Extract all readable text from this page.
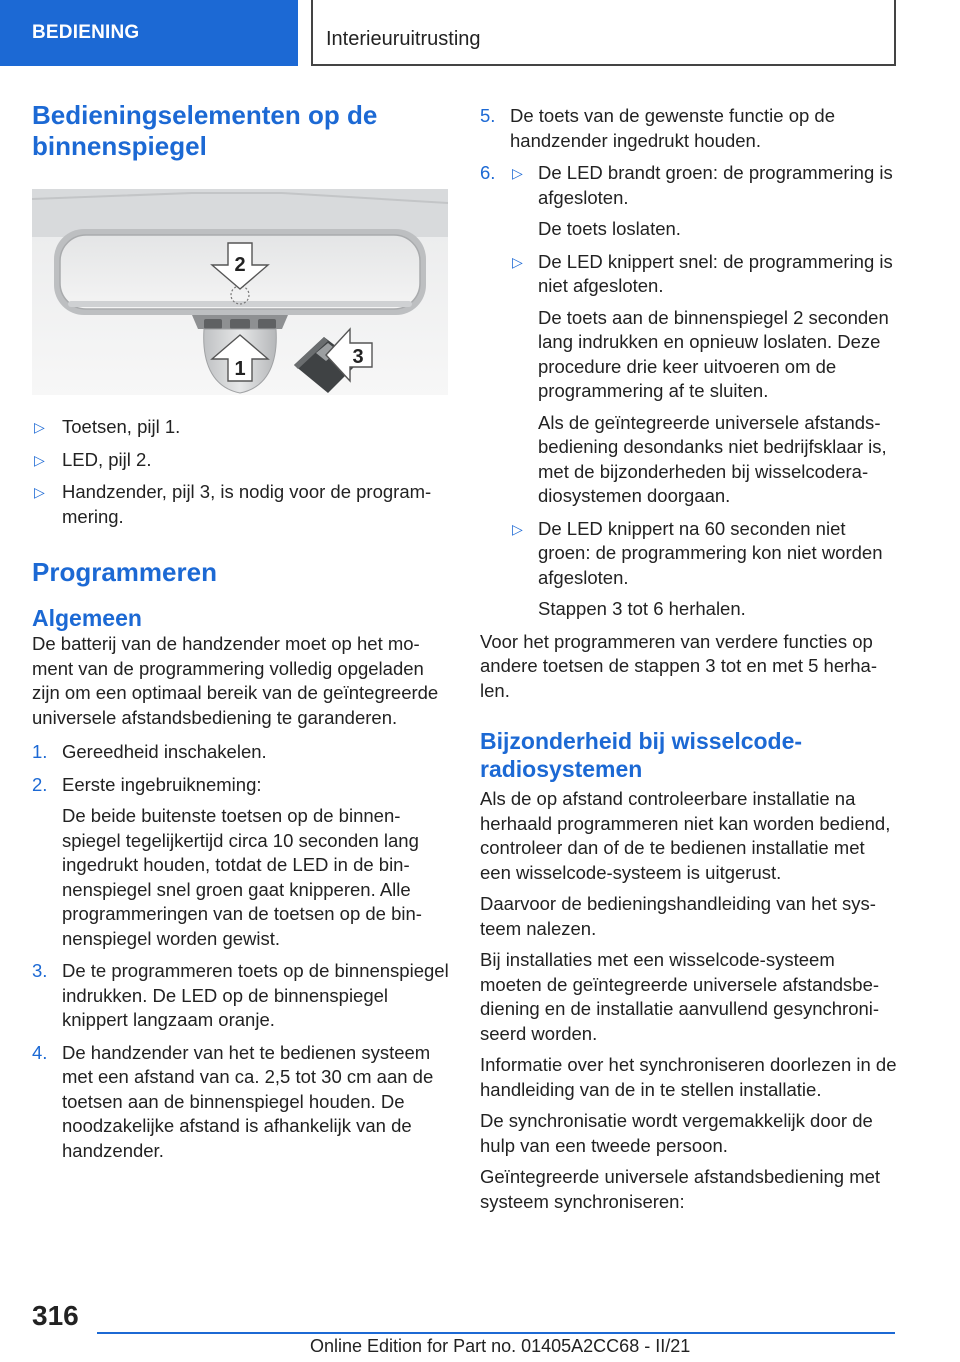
BEDIENING	Interieuruitrusting
Bedieningselementen op de binnenspiegel
2
1
3
▷ Toetsen, pijl 1.
▷ LED, pijl 2.
▷ Handzender, pijl 3, is nodig voor de programmering.
Programmeren
Algemeen

De batterij van de handzender moet op het moment van de programmering volledig opgeladen zijn om een optimaal bereik van de geïntegreerde universele afstandsbediening te garanderen.

1. Gereedheid inschakelen.
2. Eerste ingebruikneming:
De beide buitenste toetsen op de binnenspiegel tegelijkertijd circa 10 seconden lang ingedrukt houden, totdat de LED in de binnenspiegel snel groen gaat knipperen. Alle programmeringen van de toetsen op de binnenspiegel worden gewist.
3. De te programmeren toets op de binnenspiegel indrukken. De LED op de binnenspiegel knippert langzaam oranje.
4. De handzender van het te bedienen systeem met een afstand van ca. 2,5 tot 30 cm aan de toetsen aan de binnenspiegel houden. De noodzakelijke afstand is afhankelijk van de handzender.
5. De toets van de gewenste functie op de handzender ingedrukt houden.
6. ▷ De LED brandt groen: de programmering is afgesloten.

De toets loslaten.

▷ De LED knippert snel: de programmering is niet afgesloten.

De toets aan de binnenspiegel 2 seconden lang indrukken en opnieuw loslaten. Deze procedure drie keer uitvoeren om de programmering af te sluiten.

Als de geïntegreerde universele afstandsbediening desondanks niet bedrijfsklaar is, met de bijzonderheden bij wisselcoderadiosystemen doorgaan.

▷ De LED knippert na 60 seconden niet groen: de programmering kon niet worden afgesloten.

Stappen 3 tot 6 herhalen.

Voor het programmeren van verdere functies op andere toetsen de stappen 3 tot en met 5 herhalen.

Bijzonderheid bij wisselcoderadiosystemen

Als de op afstand controleerbare installatie na herhaald programmeren niet kan worden bediend, controleer dan of de te bedienen installatie met een wisselcode-systeem is uitgerust.

Daarvoor de bedieningshandleiding van het systeem nalezen.

Bij installaties met een wisselcode-systeem moeten de geïntegreerde universele afstandsbediening en de installatie aanvullend gesynchroniseerd worden.

Informatie over het synchroniseren doorlezen in de handleiding van de in te stellen installatie.

De synchronisatie wordt vergemakkelijk door de hulp van een tweede persoon.

Geïntegreerde universele afstandsbediening met systeem synchroniseren:

316
Online Edition for Part no. 01405A2CC68 - II/21
